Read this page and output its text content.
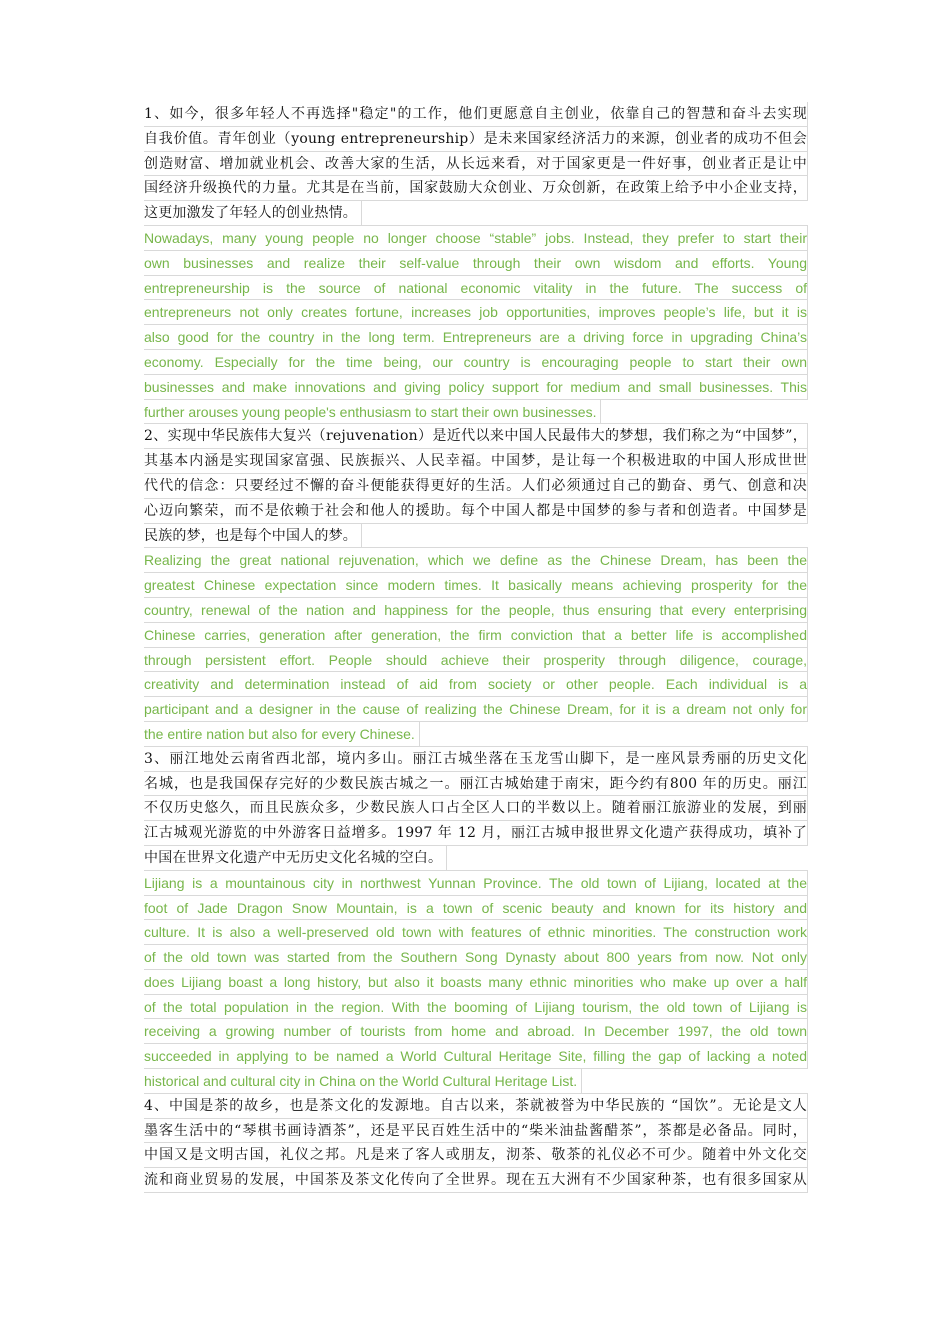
1、如今，很多年轻人不再选择"稳定"的工作，他们更愿意自主创业，依靠自己的智慧和奋斗去实现
自我价值。青年创业（young entrepreneurship）是未来国家经济活力的来源，创业者的成功不但会
创造财富、增加就业机会、改善大家的生活，从长远来看，对于国家更是一件好事，创业者正是让中
国经济升级换代的力量。尤其是在当前，国家鼓励大众创业、万众创新，在政策上给予中小企业支持，
这更加激发了年轻人的创业热情。
Nowadays, many young people no longer choose “stable” jobs. Instead, they prefer to start their
own businesses and realize their self-value through their own wisdom and efforts. Young
entrepreneurship is the source of national economic vitality in the future. The success of
entrepreneurs not only creates fortune, increases job opportunities, improves people’s life, but it is
also good for the country in the long term. Entrepreneurs are a driving force in upgrading China’s
economy. Especially for the time being, our country is encouraging people to start their own
businesses and make innovations and giving policy support for medium and small businesses. This
further arouses young people's enthusiasm to start their own businesses.
2、实现中华民族伟大复兴（rejuvenation）是近代以来中国人民最伟大的梦想，我们称之为“中国梦”，
其基本内涵是实现国家富强、民族振兴、人民幸福。中国梦，是让每一个积极进取的中国人形成世世
代代的信念：只要经过不懈的奋斗便能获得更好的生活。人们必须通过自己的勤奋、勇气、创意和决
心迈向繁荣，而不是依赖于社会和他人的援助。每个中国人都是中国梦的参与者和创造者。中国梦是
民族的梦，也是每个中国人的梦。
Realizing the great national rejuvenation, which we define as the Chinese Dream, has been the
greatest Chinese expectation since modern times. It basically means achieving prosperity for the
country, renewal of the nation and happiness for the people, thus ensuring that every enterprising
Chinese carries, generation after generation, the firm conviction that a better life is accomplished
through persistent effort. People should achieve their prosperity through diligence, courage,
creativity and determination instead of aid from society or other people. Each individual is a
participant and a designer in the cause of realizing the Chinese Dream, for it is a dream not only for
the entire nation but also for every Chinese.
3、丽江地处云南省西北部，境内多山。丽江古城坐落在玉龙雪山脚下，是一座风景秀丽的历史文化
名城，也是我国保存完好的少数民族古城之一。丽江古城始建于南宋，距今约有800 年的历史。丽江
不仅历史悠久，而且民族众多，少数民族人口占全区人口的半数以上。随着丽江旅游业的发展，到丽
江古城观光游览的中外游客日益增多。1997 年 12 月，丽江古城申报世界文化遗产获得成功，填补了
中国在世界文化遗产中无历史文化名城的空白。
Lijiang is a mountainous city in northwest Yunnan Province. The old town of Lijiang, located at the
foot of Jade Dragon Snow Mountain, is a town of scenic beauty and known for its history and
culture. It is also a well-preserved old town with features of ethnic minorities. The construction work
of the old town was started from the Southern Song Dynasty about 800 years from now. Not only
does Lijiang boast a long history, but also it boasts many ethnic minorities who make up over a half
of the total population in the region. With the booming of Lijiang tourism, the old town of Lijiang is
receiving a growing number of tourists from home and abroad. In December 1997, the old town
succeeded in applying to be named a World Cultural Heritage Site, filling the gap of lacking a noted
historical and cultural city in China on the World Cultural Heritage List.
4、中国是茶的故乡，也是茶文化的发源地。自古以来，茶就被誉为中华民族的 “国饮”。无论是文人
墨客生活中的“琴棋书画诗酒茶”，还是平民百姓生活中的“柴米油盐酱醋茶”，茶都是必备品。同时，
中国又是文明古国，礼仪之邦。凡是来了客人或朋友，沏茶、敬茶的礼仪必不可少。随着中外文化交
流和商业贸易的发展，中国茶及茶文化传向了全世界。现在五大洲有不少国家种茶，也有很多国家从
